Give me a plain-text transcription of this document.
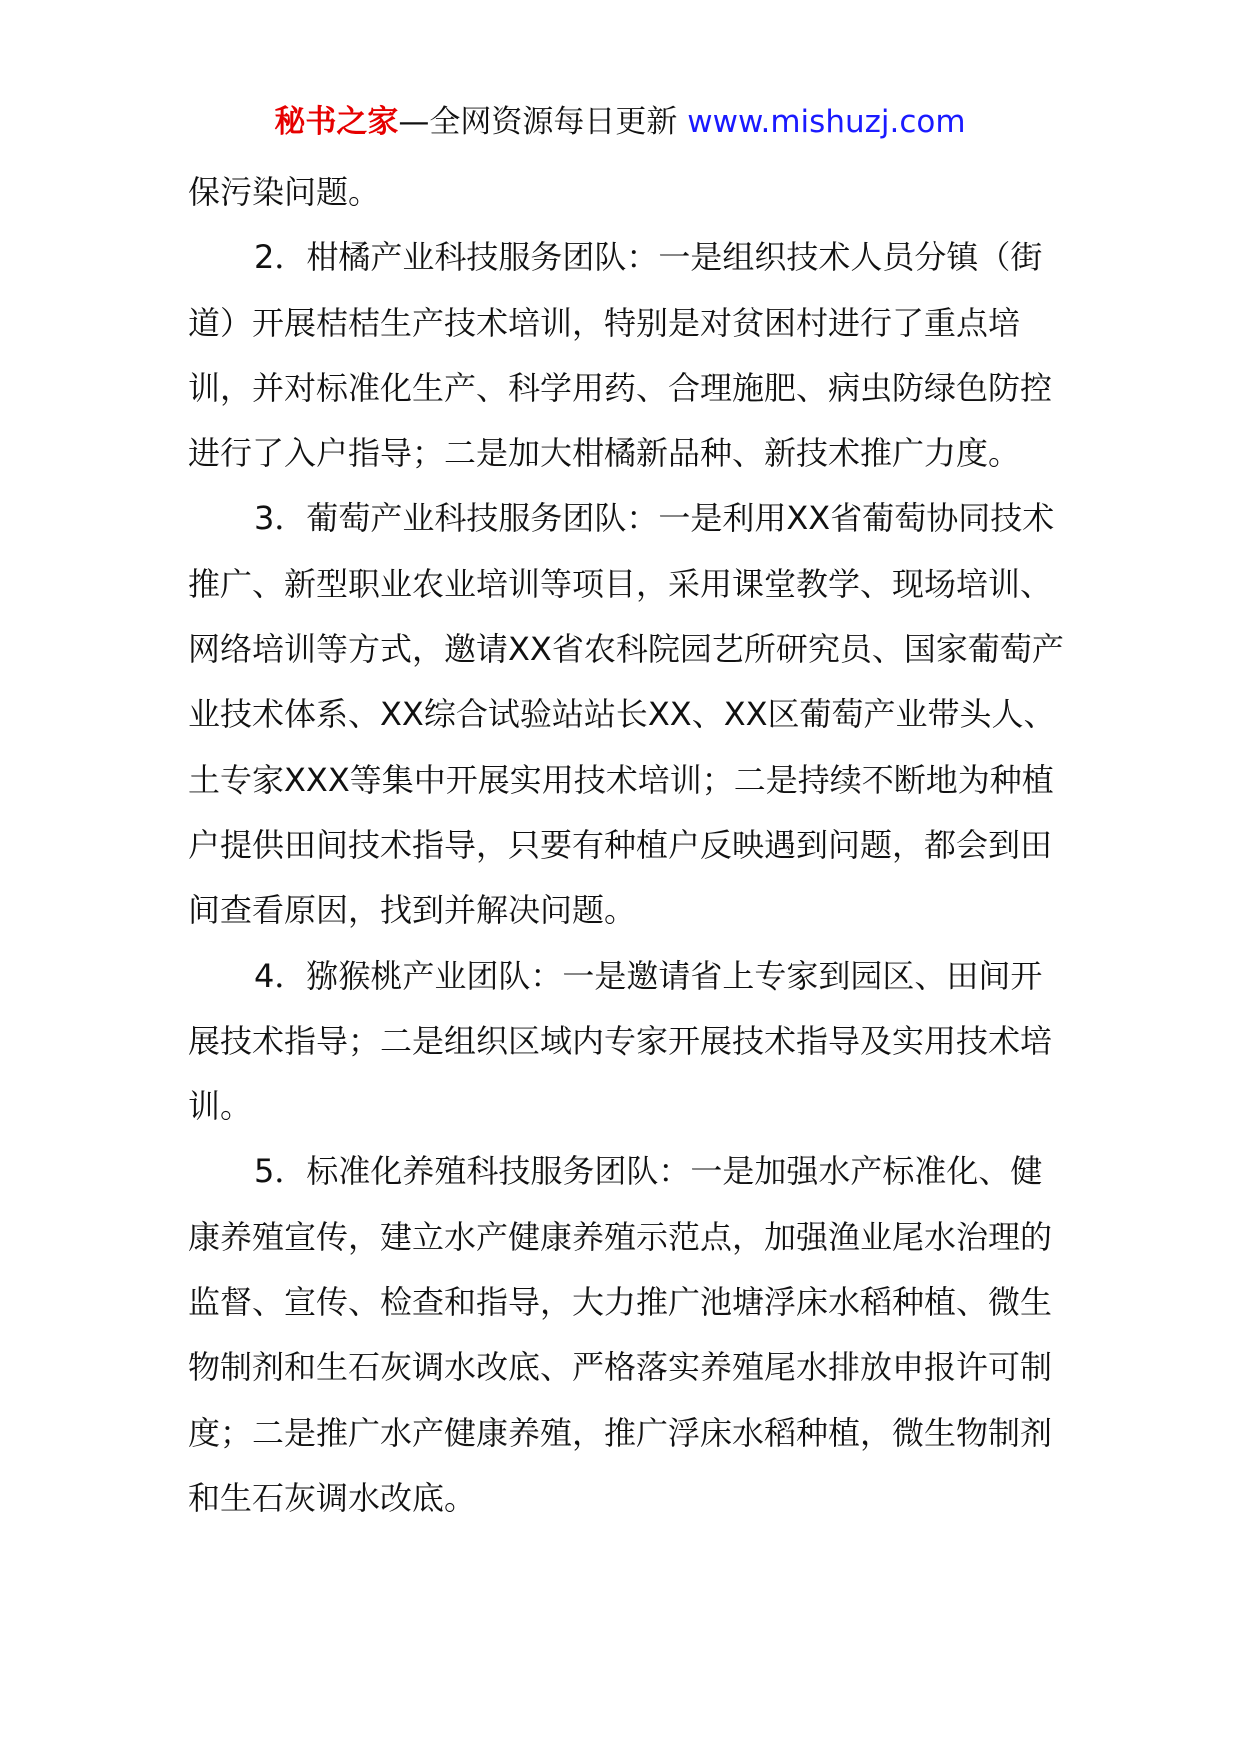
秘书之家—全网资源每日更新 www.mishuzj.com

保污染问题。

2．柑橘产业科技服务团队：一是组织技术人员分镇（街道）开展桔桔生产技术培训，特别是对贫困村进行了重点培训，并对标准化生产、科学用药、合理施肥、病虫防绿色防控进行了入户指导；二是加大柑橘新品种、新技术推广力度。

3．葡萄产业科技服务团队：一是利用XX省葡萄协同技术推广、新型职业农业培训等项目，采用课堂教学、现场培训、网络培训等方式，邀请XX省农科院园艺所研究员、国家葡萄产业技术体系、XX综合试验站站长XX、XX区葡萄产业带头人、土专家XXX等集中开展实用技术培训；二是持续不断地为种植户提供田间技术指导，只要有种植户反映遇到问题，都会到田间查看原因，找到并解决问题。

4．猕猴桃产业团队：一是邀请省上专家到园区、田间开展技术指导；二是组织区域内专家开展技术指导及实用技术培训。

5．标准化养殖科技服务团队：一是加强水产标准化、健康养殖宣传，建立水产健康养殖示范点，加强渔业尾水治理的监督、宣传、检查和指导，大力推广池塘浮床水稻种植、微生物制剂和生石灰调水改底、严格落实养殖尾水排放申报许可制度；二是推广水产健康养殖，推广浮床水稻种植，微生物制剂和生石灰调水改底。
